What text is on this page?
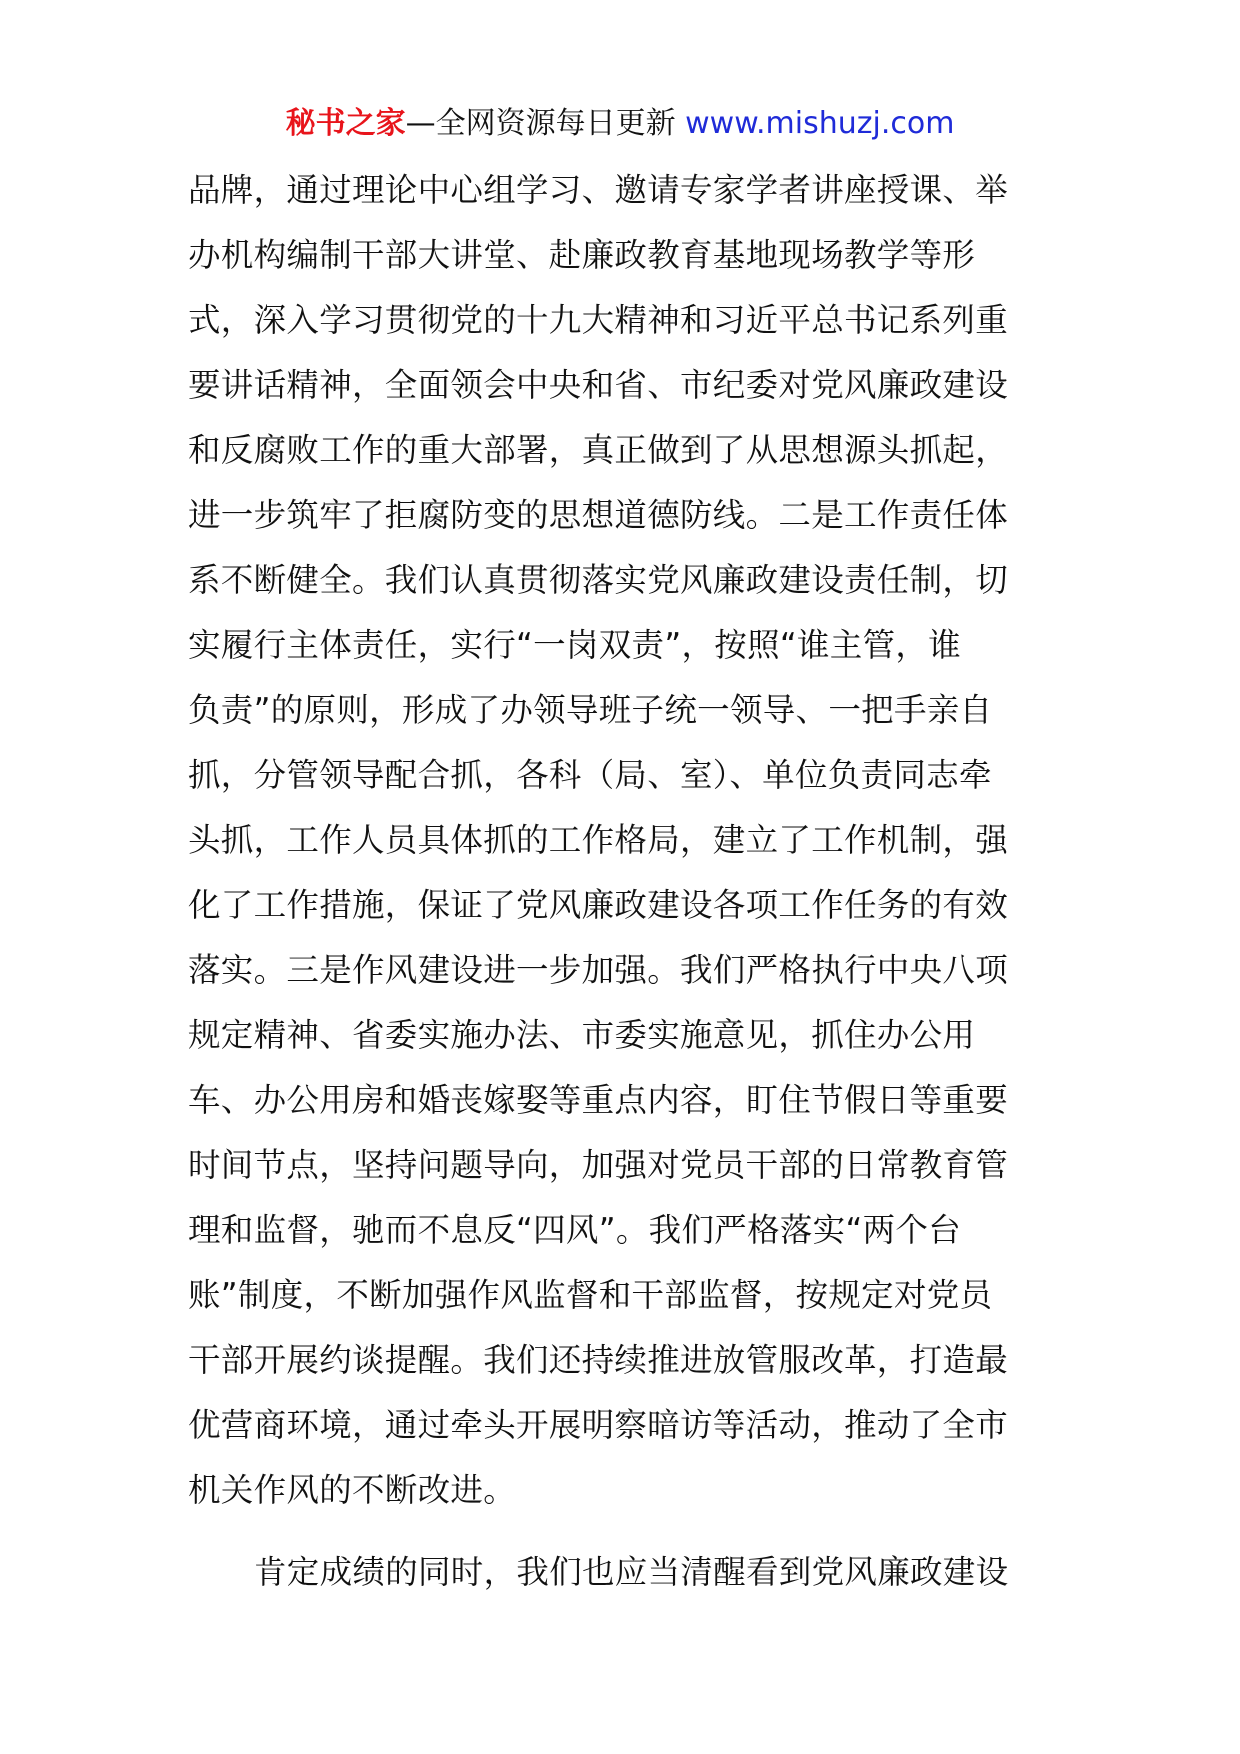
秘书之家—全网资源每日更新 www.mishuzj.com
品牌，通过理论中心组学习、邀请专家学者讲座授课、举
办机构编制干部大讲堂、赴廉政教育基地现场教学等形
式，深入学习贯彻党的十九大精神和习近平总书记系列重
要讲话精神，全面领会中央和省、市纪委对党风廉政建设
和反腐败工作的重大部署，真正做到了从思想源头抓起，
进一步筑牢了拒腐防变的思想道德防线。二是工作责任体
系不断健全。我们认真贯彻落实党风廉政建设责任制，切
实履行主体责任，实行“一岗双责”，按照“谁主管，谁
负责”的原则，形成了办领导班子统一领导、一把手亲自
抓，分管领导配合抓，各科（局、室）、单位负责同志牵
头抓，工作人员具体抓的工作格局，建立了工作机制，强
化了工作措施，保证了党风廉政建设各项工作任务的有效
落实。三是作风建设进一步加强。我们严格执行中央八项
规定精神、省委实施办法、市委实施意见，抓住办公用
车、办公用房和婚丧嫁娶等重点内容，盯住节假日等重要
时间节点，坚持问题导向，加强对党员干部的日常教育管
理和监督，驰而不息反“四风”。我们严格落实“两个台
账”制度，不断加强作风监督和干部监督，按规定对党员
干部开展约谈提醒。我们还持续推进放管服改革，打造最
优营商环境，通过牵头开展明察暗访等活动，推动了全市
机关作风的不断改进。
肯定成绩的同时，我们也应当清醒看到党风廉政建设
